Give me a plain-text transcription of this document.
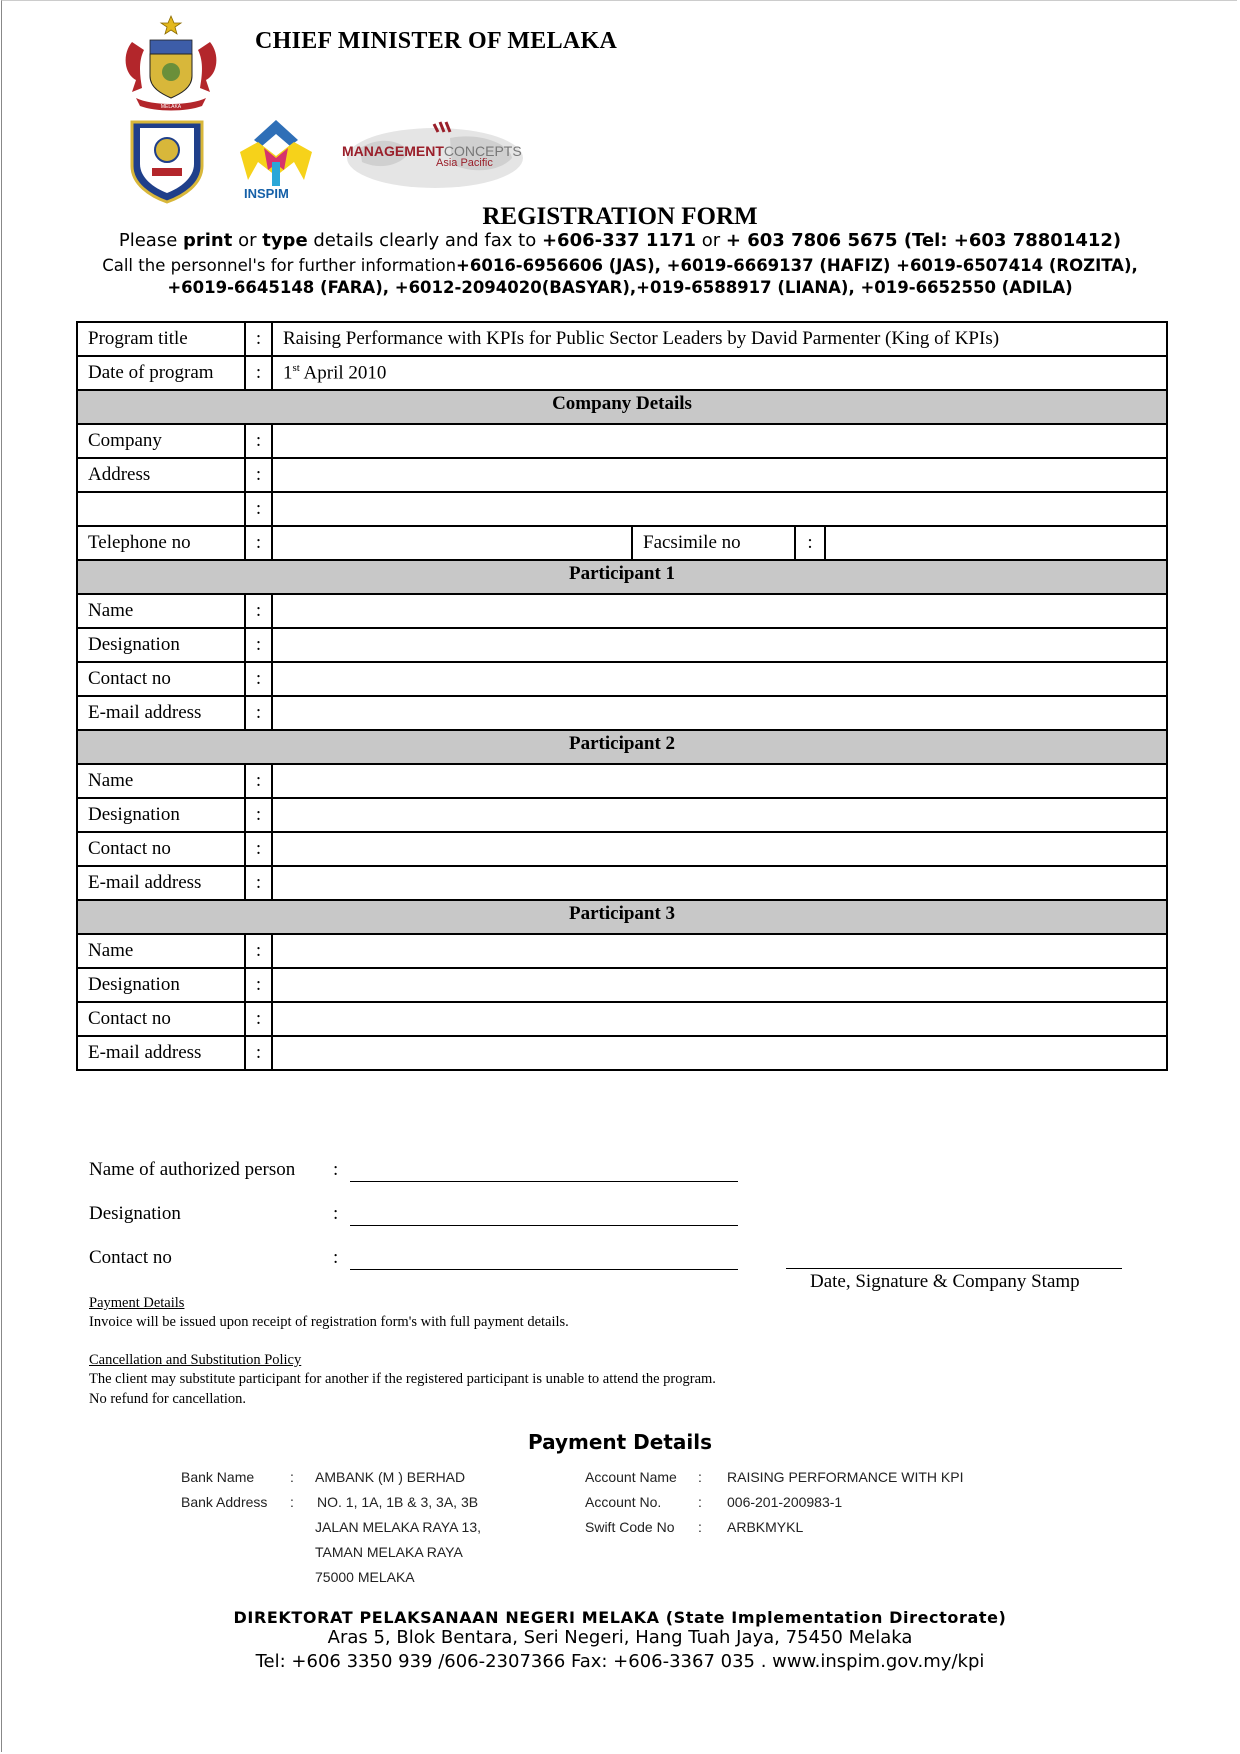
MELAKA
INSPIM
MANAGEMENTCONCEPTS
Asia Pacific
CHIEF MINISTER OF MELAKA
REGISTRATION FORM
Please print or type details clearly and fax to +606-337 1171 or + 603 7806 5675 (Tel: +603 78801412)
Call the personnel's for further information+6016-6956606 (JAS), +6019-6669137 (HAFIZ) +6019-6507414 (ROZITA),
+6019-6645148 (FARA), +6012-2094020(BASYAR),+019-6588917 (LIANA), +019-6652550 (ADILA)
Program title	:	Raising Performance with KPIs for Public Sector Leaders by David Parmenter (King of KPIs)			
Date of program	:	1st April 2010			
Company Details					
Company	:				
Address	:				
	:				
Telephone no	:		Facsimile no	:	
Participant 1					
Name	:				
Designation	:				
Contact no	:				
E-mail address	:				
Participant 2					
Name	:				
Designation	:				
Contact no	:				
E-mail address	:				
Participant 3					
Name	:				
Designation	:				
Contact no	:				
E-mail address	:				
Name of authorized person :
Designation	:
Contact no	:
Date, Signature & Company Stamp
Payment Details
Invoice will be issued upon receipt of registration form's with full payment details.
Cancellation and Substitution Policy
The client may substitute participant for another if the registered participant is unable to attend the program.
No refund for cancellation.
Payment Details
Bank Name	: AMBANK (M ) BERHAD
Bank Address : NO. 1, 1A, 1B & 3, 3A, 3B
JALAN MELAKA RAYA 13,
TAMAN MELAKA RAYA
75000 MELAKA
Account Name : RAISING PERFORMANCE WITH KPI
Account No.	: 006-201-200983-1
Swift Code No : ARBKMYKL
DIREKTORAT PELAKSANAAN NEGERI MELAKA (State Implementation Directorate)
Aras 5, Blok Bentara, Seri Negeri, Hang Tuah Jaya, 75450 Melaka
Tel: +606 3350 939 /606-2307366 Fax: +606-3367 035 . www.inspim.gov.my/kpi
